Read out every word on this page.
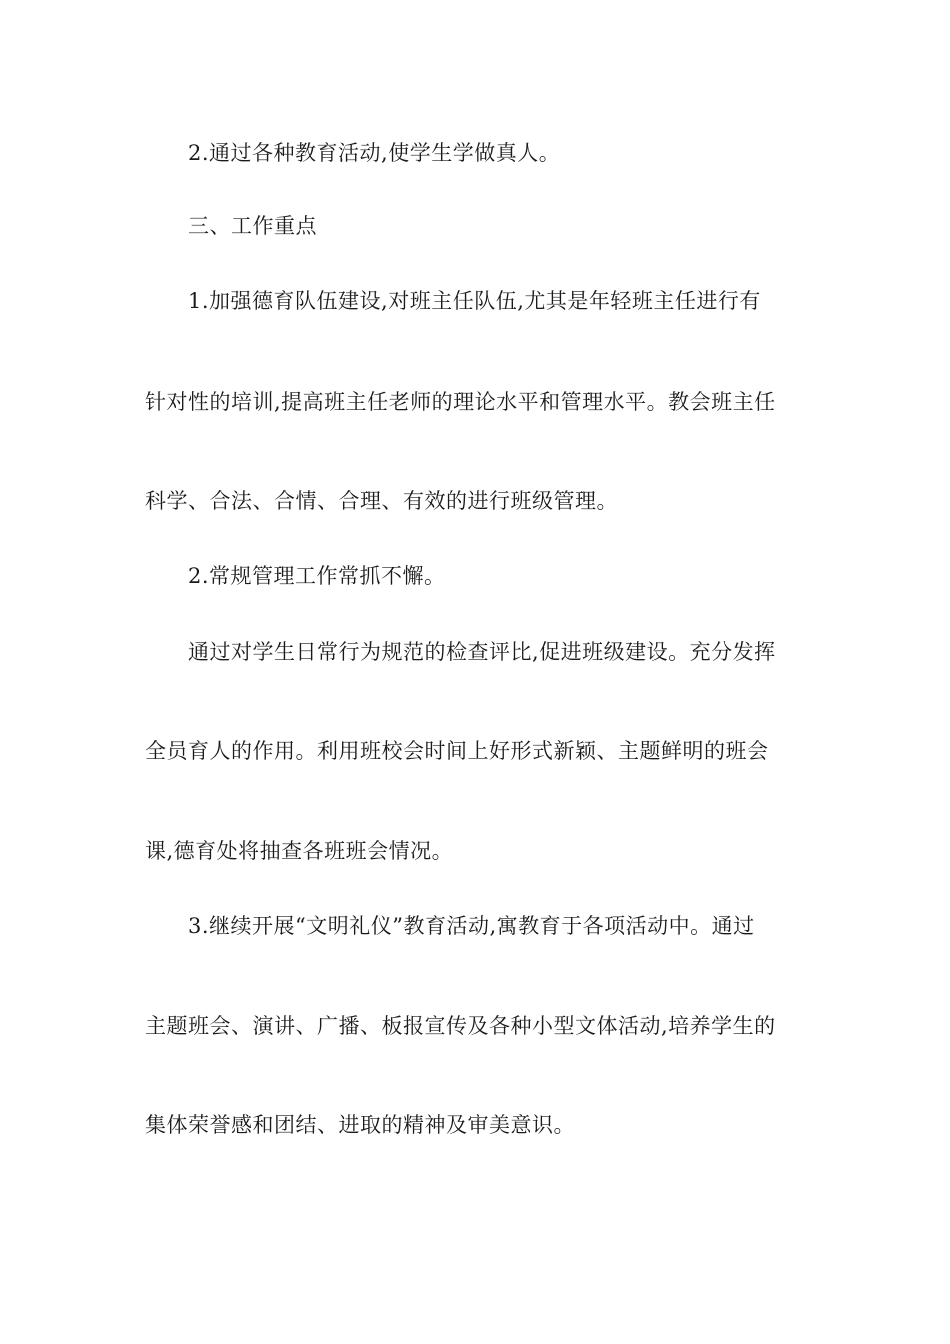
2.通过各种教育活动,使学生学做真人。
三、工作重点
1.加强德育队伍建设,对班主任队伍,尤其是年轻班主任进行有
针对性的培训,提高班主任老师的理论水平和管理水平。教会班主任
科学、合法、合情、合理、有效的进行班级管理。
2.常规管理工作常抓不懈。
通过对学生日常行为规范的检查评比,促进班级建设。充分发挥
全员育人的作用。利用班校会时间上好形式新颖、主题鲜明的班会
课,德育处将抽查各班班会情况。
3.继续开展“文明礼仪”教育活动,寓教育于各项活动中。通过
主题班会、演讲、广播、板报宣传及各种小型文体活动,培养学生的
集体荣誉感和团结、进取的精神及审美意识。
